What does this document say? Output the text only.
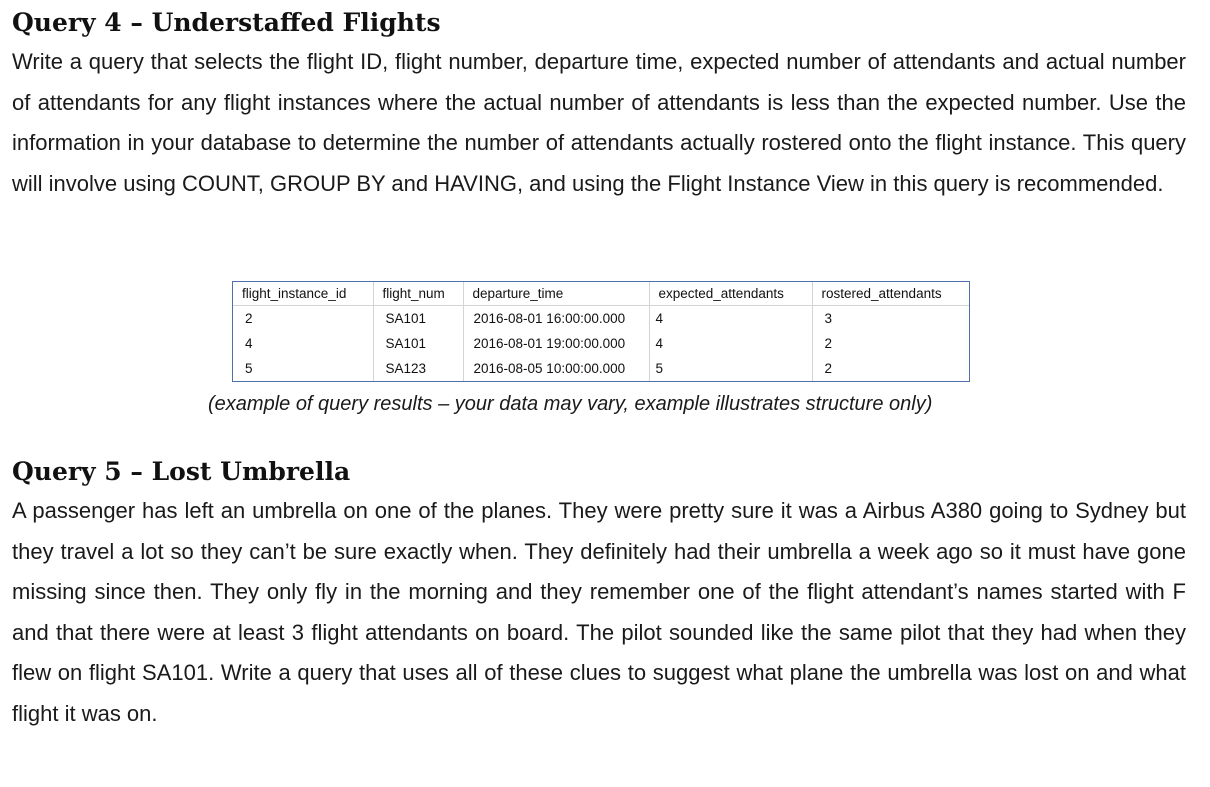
Query 4 – Understaffed Flights

Write a query that selects the flight ID, flight number, departure time, expected number of attendants and actual number of attendants for any flight instances where the actual number of attendants is less than the expected number. Use the information in your database to determine the number of attendants actually rostered onto the flight instance. This query will involve using COUNT, GROUP BY and HAVING, and using the Flight Instance View in this query is recommended.

Query 5 – Lost Umbrella

A passenger has left an umbrella on one of the planes. They were pretty sure it was a Airbus A380 going to Sydney but they travel a lot so they can’t be sure exactly when. They definitely had their umbrella a week ago so it must have gone missing since then. They only fly in the morning and they remember one of the flight attendant’s names started with F and that there were at least 3 flight attendants on board. The pilot sounded like the same pilot that they had when they flew on flight SA101. Write a query that uses all of these clues to suggest what plane the umbrella was lost on and what flight it was on.

flight_instance_id	flight_num	departure_time	expected_attendants	rostered_attendants
2	SA101	2016-08-01 16:00:00.000	4	3
4	SA101	2016-08-01 19:00:00.000	4	2
5	SA123	2016-08-05 10:00:00.000	5	2
(example of query results – your data may vary, example illustrates structure only)
